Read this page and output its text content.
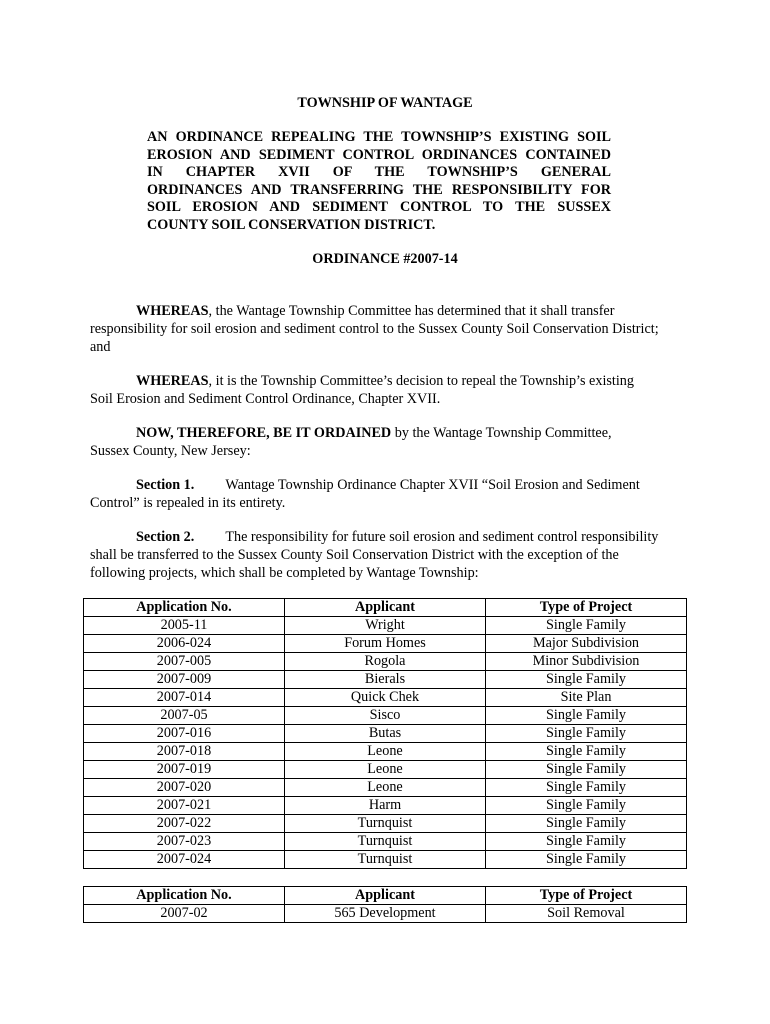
TOWNSHIP OF WANTAGE
AN ORDINANCE REPEALING THE TOWNSHIP’S EXISTING SOIL
EROSION AND SEDIMENT CONTROL ORDINANCES CONTAINED
IN CHAPTER XVII OF THE TOWNSHIP’S GENERAL
ORDINANCES AND TRANSFERRING THE RESPONSIBILITY FOR
SOIL EROSION AND SEDIMENT CONTROL TO THE SUSSEX
COUNTY SOIL CONSERVATION DISTRICT.
ORDINANCE #2007-14
WHEREAS, the Wantage Township Committee has determined that it shall transfer
responsibility for soil erosion and sediment control to the Sussex County Soil Conservation District;
and
WHEREAS, it is the Township Committee’s decision to repeal the Township’s existing
Soil Erosion and Sediment Control Ordinance, Chapter XVII.
NOW, THEREFORE, BE IT ORDAINED by the Wantage Township Committee,
Sussex County, New Jersey:
Section 1. Wantage Township Ordinance Chapter XVII “Soil Erosion and Sediment
Control” is repealed in its entirety.
Section 2. The responsibility for future soil erosion and sediment control responsibility
shall be transferred to the Sussex County Soil Conservation District with the exception of the
following projects, which shall be completed by Wantage Township:
Application No.	Applicant	Type of Project
2005-11	Wright	Single Family
2006-024	Forum Homes	Major Subdivision
2007-005	Rogola	Minor Subdivision
2007-009	Bierals	Single Family
2007-014	Quick Chek	Site Plan
2007-05	Sisco	Single Family
2007-016	Butas	Single Family
2007-018	Leone	Single Family
2007-019	Leone	Single Family
2007-020	Leone	Single Family
2007-021	Harm	Single Family
2007-022	Turnquist	Single Family
2007-023	Turnquist	Single Family
2007-024	Turnquist	Single Family
Application No.	Applicant	Type of Project
2007-02	565 Development	Soil Removal
